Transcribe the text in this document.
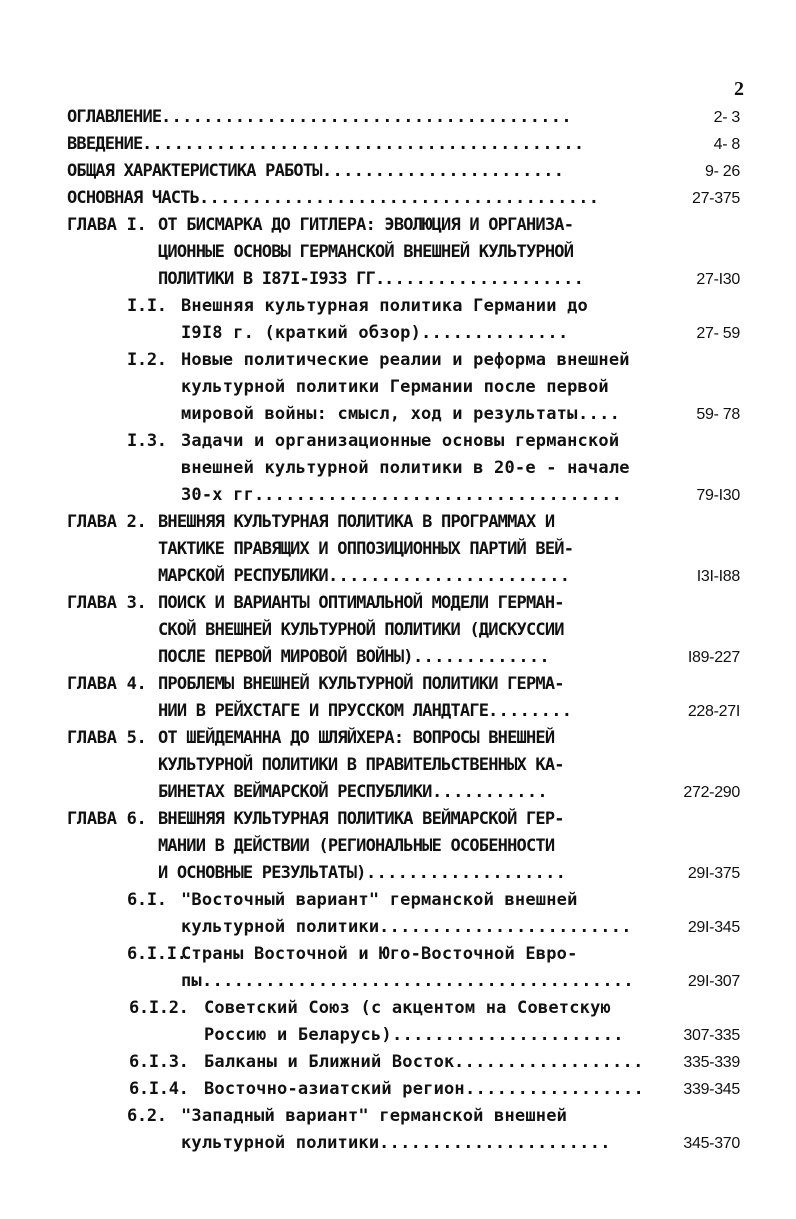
2
ОГЛАВЛЕНИЕ .......................................	2- 3
ВВЕДЕНИЕ ..........................................	4- 8
ОБЩАЯ ХАРАКТЕРИСТИКА РАБОТЫ .......................	9- 26
ОСНОВНАЯ ЧАСТЬ ......................................	27-375
ГЛАВА I. ОТ БИСМАРКА ДО ГИТЛЕРА: ЭВОЛЮЦИЯ И ОРГАНИЗА-
ЦИОННЫЕ ОСНОВЫ ГЕРМАНСКОЙ ВНЕШНЕЙ КУЛЬТУРНОЙ
ПОЛИТИКИ В I87I-I933 ГГ. ...................	27-I30
I.I. Внешняя культурная политика Германии до
I9I8 г. (краткий обзор) ..............	27- 59
I.2. Новые политические реалии и реформа внешней
культурной политики Германии после первой
мировой войны: смысл, ход и результаты ....	59- 78
I.3. Задачи и организационные основы германской
внешней культурной политики в 20-е - начале
30-х гг. ..................................	79-I30
ГЛАВА 2. ВНЕШНЯЯ КУЛЬТУРНАЯ ПОЛИТИКА В ПРОГРАММАХ И
ТАКТИКЕ ПРАВЯЩИХ И ОППОЗИЦИОННЫХ ПАРТИЙ ВЕЙ-
МАРСКОЙ РЕСПУБЛИКИ .......................	I3I-I88
ГЛАВА 3. ПОИСК И ВАРИАНТЫ ОПТИМАЛЬНОЙ МОДЕЛИ ГЕРМАН-
СКОЙ ВНЕШНЕЙ КУЛЬТУРНОЙ ПОЛИТИКИ (ДИСКУССИИ
ПОСЛЕ ПЕРВОЙ МИРОВОЙ ВОЙНЫ) .............	I89-227
ГЛАВА 4. ПРОБЛЕМЫ ВНЕШНЕЙ КУЛЬТУРНОЙ ПОЛИТИКИ ГЕРМА-
НИИ В РЕЙХСТАГЕ И ПРУССКОМ ЛАНДТАГЕ ........	228-27I
ГЛАВА 5. ОТ ШЕЙДЕМАННА ДО ШЛЯЙХЕРА: ВОПРОСЫ ВНЕШНЕЙ
КУЛЬТУРНОЙ ПОЛИТИКИ В ПРАВИТЕЛЬСТВЕННЫХ КА-
БИНЕТАХ ВЕЙМАРСКОЙ РЕСПУБЛИКИ ...........	272-290
ГЛАВА 6. ВНЕШНЯЯ КУЛЬТУРНАЯ ПОЛИТИКА ВЕЙМАРСКОЙ ГЕР-
МАНИИ В ДЕЙСТВИИ (РЕГИОНАЛЬНЫЕ ОСОБЕННОСТИ
И ОСНОВНЫЕ РЕЗУЛЬТАТЫ) ...................	29I-375
6.I. "Восточный вариант" германской внешней
культурной политики ........................	29I-345
6.I.I.
Страны Восточной и Юго-Восточной Евро-
пы .........................................	29I-307
6.I.2. Советский Союз (с акцентом на Советскую
Россию и Беларусь) ......................	307-335
6.I.3. Балканы и Ближний Восток ..................	335-339
6.I.4. Восточно-азиатский регион .................	339-345
6.2. "Западный вариант" германской внешней
культурной политики ......................	345-370
